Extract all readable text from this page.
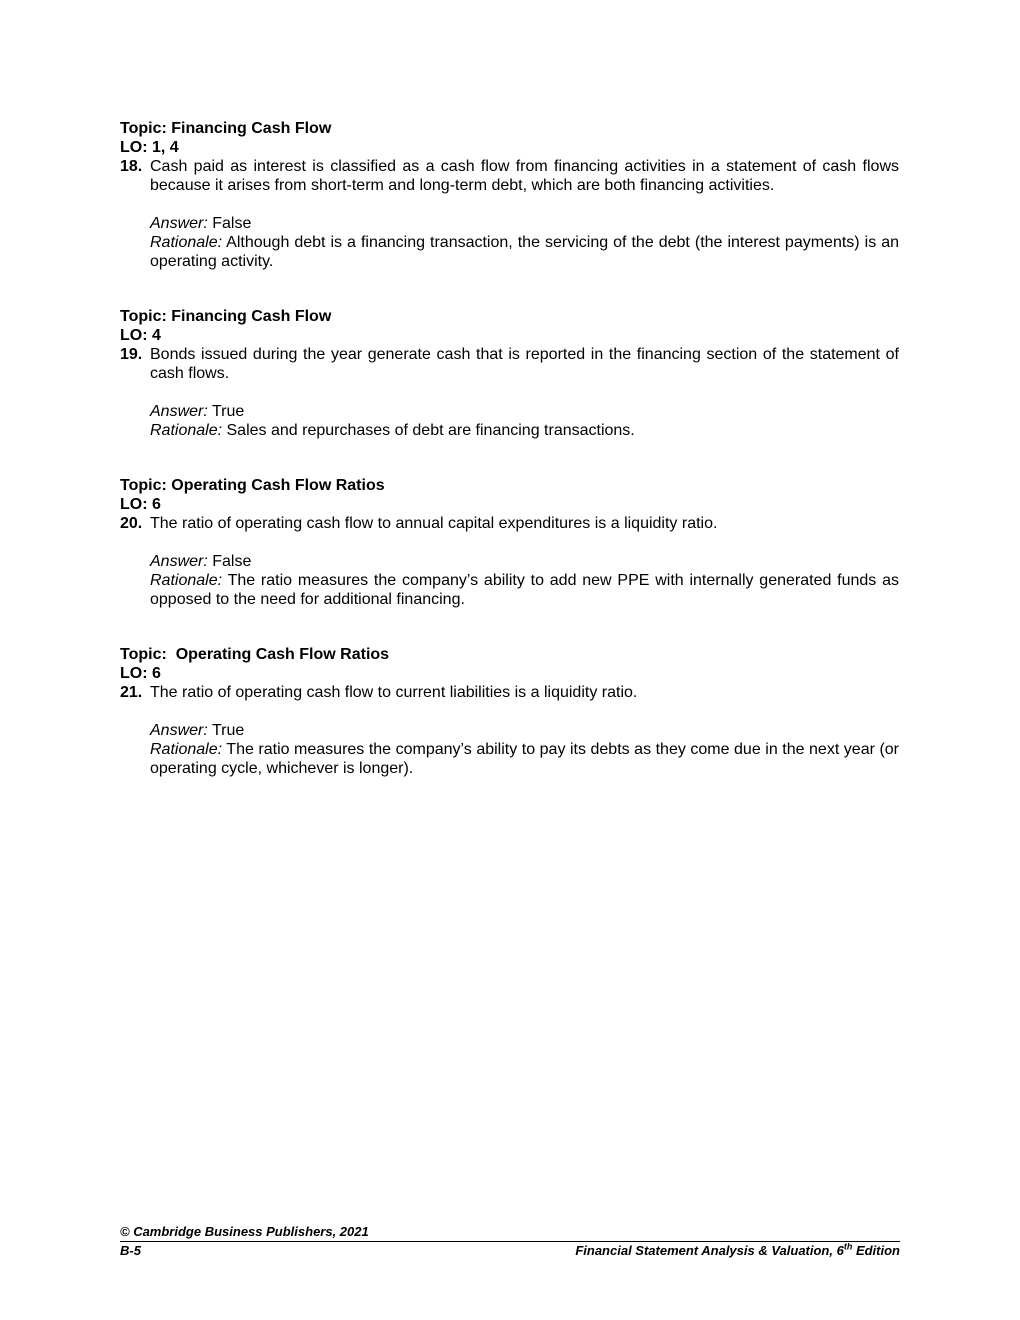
Topic: Financing Cash Flow
LO: 1, 4
18. Cash paid as interest is classified as a cash flow from financing activities in a statement of cash flows because it arises from short-term and long-term debt, which are both financing activities.

Answer: False

Rationale: Although debt is a financing transaction, the servicing of the debt (the interest payments) is an operating activity.

Topic: Financing Cash Flow
LO: 4
19. Bonds issued during the year generate cash that is reported in the financing section of the statement of cash flows.

Answer: True

Rationale: Sales and repurchases of debt are financing transactions.

Topic: Operating Cash Flow Ratios
LO: 6
20. The ratio of operating cash flow to annual capital expenditures is a liquidity ratio.

Answer: False

Rationale: The ratio measures the company’s ability to add new PPE with internally generated funds as opposed to the need for additional financing.

Topic:  Operating Cash Flow Ratios
LO: 6
21. The ratio of operating cash flow to current liabilities is a liquidity ratio.

Answer: True

Rationale: The ratio measures the company’s ability to pay its debts as they come due in the next year (or operating cycle, whichever is longer).

© Cambridge Business Publishers, 2021
B-5	Financial Statement Analysis & Valuation, 6th Edition
